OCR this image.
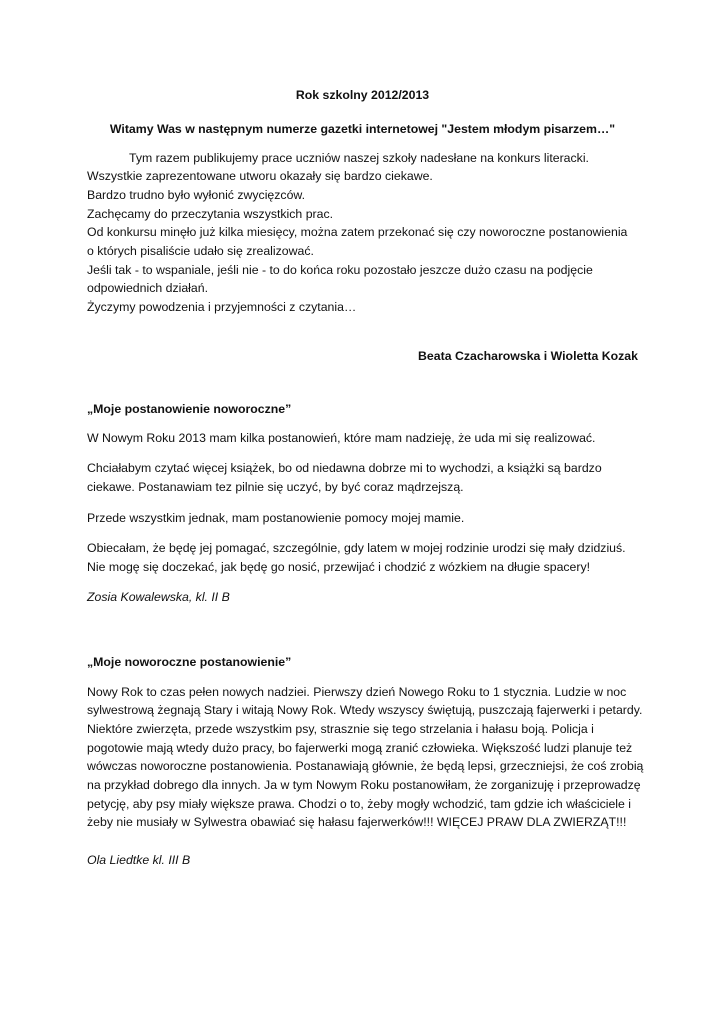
Rok szkolny 2012/2013
Witamy Was w następnym numerze gazetki internetowej "Jestem młodym pisarzem…"
Tym razem publikujemy prace uczniów naszej szkoły nadesłane na konkurs literacki.
Wszystkie zaprezentowane utworu okazały się bardzo ciekawe.
Bardzo trudno było wyłonić zwycięzców.
Zachęcamy do przeczytania wszystkich prac.
Od konkursu minęło już kilka miesięcy, można zatem przekonać się czy noworoczne postanowienia
o których pisaliście udało się zrealizować.
Jeśli tak - to wspaniale, jeśli nie - to do końca roku pozostało jeszcze dużo czasu na podjęcie
odpowiednich działań.
Życzymy powodzenia i przyjemności z czytania…
Beata Czacharowska i Wioletta Kozak
„Moje postanowienie noworoczne”
W Nowym Roku 2013 mam kilka postanowień, które mam nadzieję, że uda mi się realizować.
Chciałabym czytać więcej książek, bo od niedawna dobrze mi to wychodzi, a książki są bardzo
ciekawe. Postanawiam tez pilnie się uczyć, by być coraz mądrzejszą.
Przede wszystkim jednak, mam postanowienie pomocy mojej mamie.
Obiecałam, że będę jej pomagać, szczególnie, gdy latem w mojej rodzinie urodzi się mały dzidziuś.
Nie mogę się doczekać, jak będę go nosić, przewijać i chodzić z wózkiem na długie spacery!
Zosia Kowalewska, kl. II B
„Moje noworoczne postanowienie”
Nowy Rok to czas pełen nowych nadziei. Pierwszy dzień Nowego Roku to 1 stycznia. Ludzie w noc
sylwestrową żegnają Stary i witają Nowy Rok. Wtedy wszyscy świętują, puszczają fajerwerki i petardy.
Niektóre zwierzęta, przede wszystkim psy, strasznie się tego strzelania i hałasu boją. Policja i
pogotowie mają wtedy dużo pracy, bo fajerwerki mogą zranić człowieka. Większość ludzi planuje też
wówczas noworoczne postanowienia. Postanawiają głównie, że będą lepsi, grzeczniejsi, że coś zrobią
na przykład dobrego dla innych. Ja w tym Nowym Roku postanowiłam, że zorganizuję i przeprowadzę
petycję, aby psy miały większe prawa. Chodzi o to, żeby mogły wchodzić, tam gdzie ich właściciele i
żeby nie musiały w Sylwestra obawiać się hałasu fajerwerków!!! WIĘCEJ PRAW DLA ZWIERZĄT!!!
Ola Liedtke kl. III B
